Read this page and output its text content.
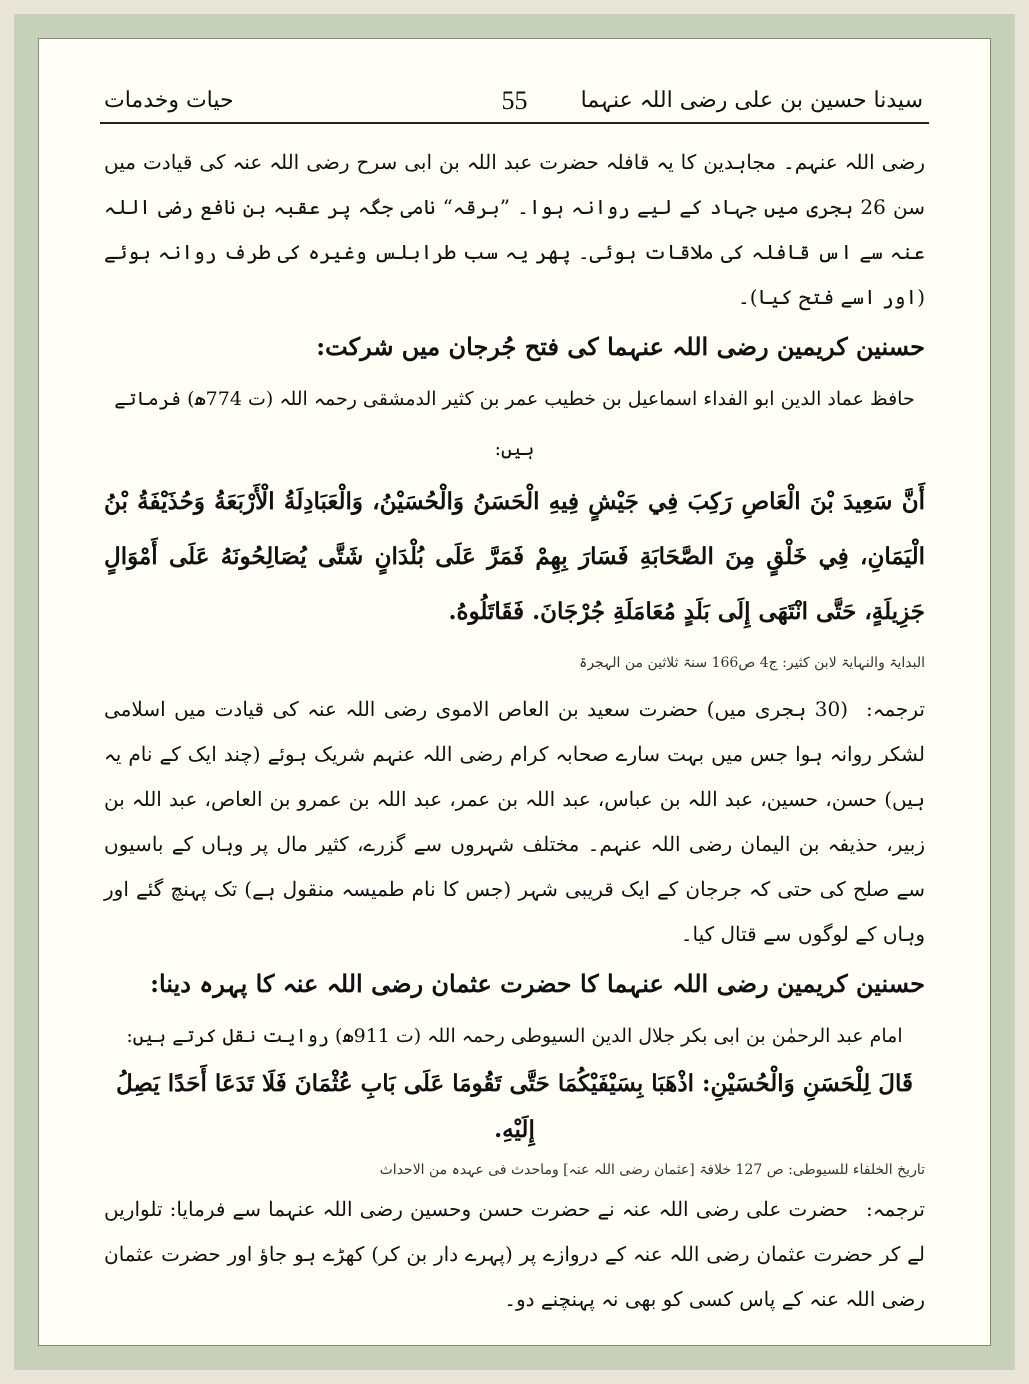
سیدنا حسین بن علی رضی اللہ عنہما
55
حیات وخدمات

رضی اللہ عنہم۔ مجاہدین کا یہ قافلہ حضرت عبد اللہ بن ابی سرح رضی اللہ عنہ کی قیادت میں سن 26 ہجری میں جہاد کے لیے روانہ ہوا۔ ”برقہ“ نامی جگہ پر عقبہ بن نافع رضی اللہ عنہ سے اس قافلہ کی ملاقات ہوئی۔ پھر یہ سب طرابلس وغیرہ کی طرف روانہ ہوئے (اور اسے فتح کیا)۔

حسنین کریمین رضی اللہ عنہما کی فتح جُرجان میں شرکت:

حافظ عماد الدین ابو الفداء اسماعیل بن خطیب عمر بن کثیر الدمشقی رحمہ اللہ (ت 774ھ) فرماتے ہیں:

أَنَّ سَعِيدَ بْنَ الْعَاصِ رَكِبَ فِي جَيْشٍ فِيهِ الْحَسَنُ وَالْحُسَيْنُ، وَالْعَبَادِلَةُ الْأَرْبَعَةُ وَحُذَيْفَةُ بْنُ الْيَمَانِ، فِي خَلْقٍ مِنَ الصَّحَابَةِ فَسَارَ بِهِمْ فَمَرَّ عَلَى بُلْدَانٍ شَتَّى يُصَالِحُونَهُ عَلَى أَمْوَالٍ جَزِيلَةٍ، حَتَّى انْتَهَى إِلَى بَلَدٍ مُعَامَلَةِ جُرْجَانَ. فَقَاتَلُوهُ.

البدایۃ والنہایۃ لابن کثیر: ج4 ص166 سنۃ ثلاثین من الہجرۃ

ترجمہ:(30 ہجری میں) حضرت سعید بن العاص الاموی رضی اللہ عنہ کی قیادت میں اسلامی لشکر روانہ ہوا جس میں بہت سارے صحابہ کرام رضی اللہ عنہم شریک ہوئے (چند ایک کے نام یہ ہیں) حسن، حسین، عبد اللہ بن عباس، عبد اللہ بن عمر، عبد اللہ بن عمرو بن العاص، عبد اللہ بن زبیر، حذیفہ بن الیمان رضی اللہ عنہم۔ مختلف شہروں سے گزرے، کثیر مال پر وہاں کے باسیوں سے صلح کی حتی کہ جرجان کے ایک قریبی شہر (جس کا نام طمیسہ منقول ہے) تک پہنچ گئے اور وہاں کے لوگوں سے قتال کیا۔

حسنین کریمین رضی اللہ عنہما کا حضرت عثمان رضی اللہ عنہ کا پہرہ دینا:

امام عبد الرحمٰن بن ابی بکر جلال الدین السیوطی رحمہ اللہ (ت 911ھ) روایت نقل کرتے ہیں:

قَالَ لِلْحَسَنِ وَالْحُسَيْنِ: اذْهَبَا بِسَيْفَيْكُمَا حَتَّى تَقُومَا عَلَى بَابِ عُثْمَانَ فَلَا تَدَعَا أَحَدًا يَصِلُ إِلَيْهِ.

تاریخ الخلفاء للسیوطی: ص 127 خلافۃ [عثمان رضی اللہ عنہ] وماحدث فی عہدہ من الاحداث

ترجمہ:حضرت علی رضی اللہ عنہ نے حضرت حسن وحسین رضی اللہ عنہما سے فرمایا: تلواریں لے کر حضرت عثمان رضی اللہ عنہ کے دروازے پر (پہرے دار بن کر) کھڑے ہو جاؤ اور حضرت عثمان رضی اللہ عنہ کے پاس کسی کو بھی نہ پہنچنے دو۔
